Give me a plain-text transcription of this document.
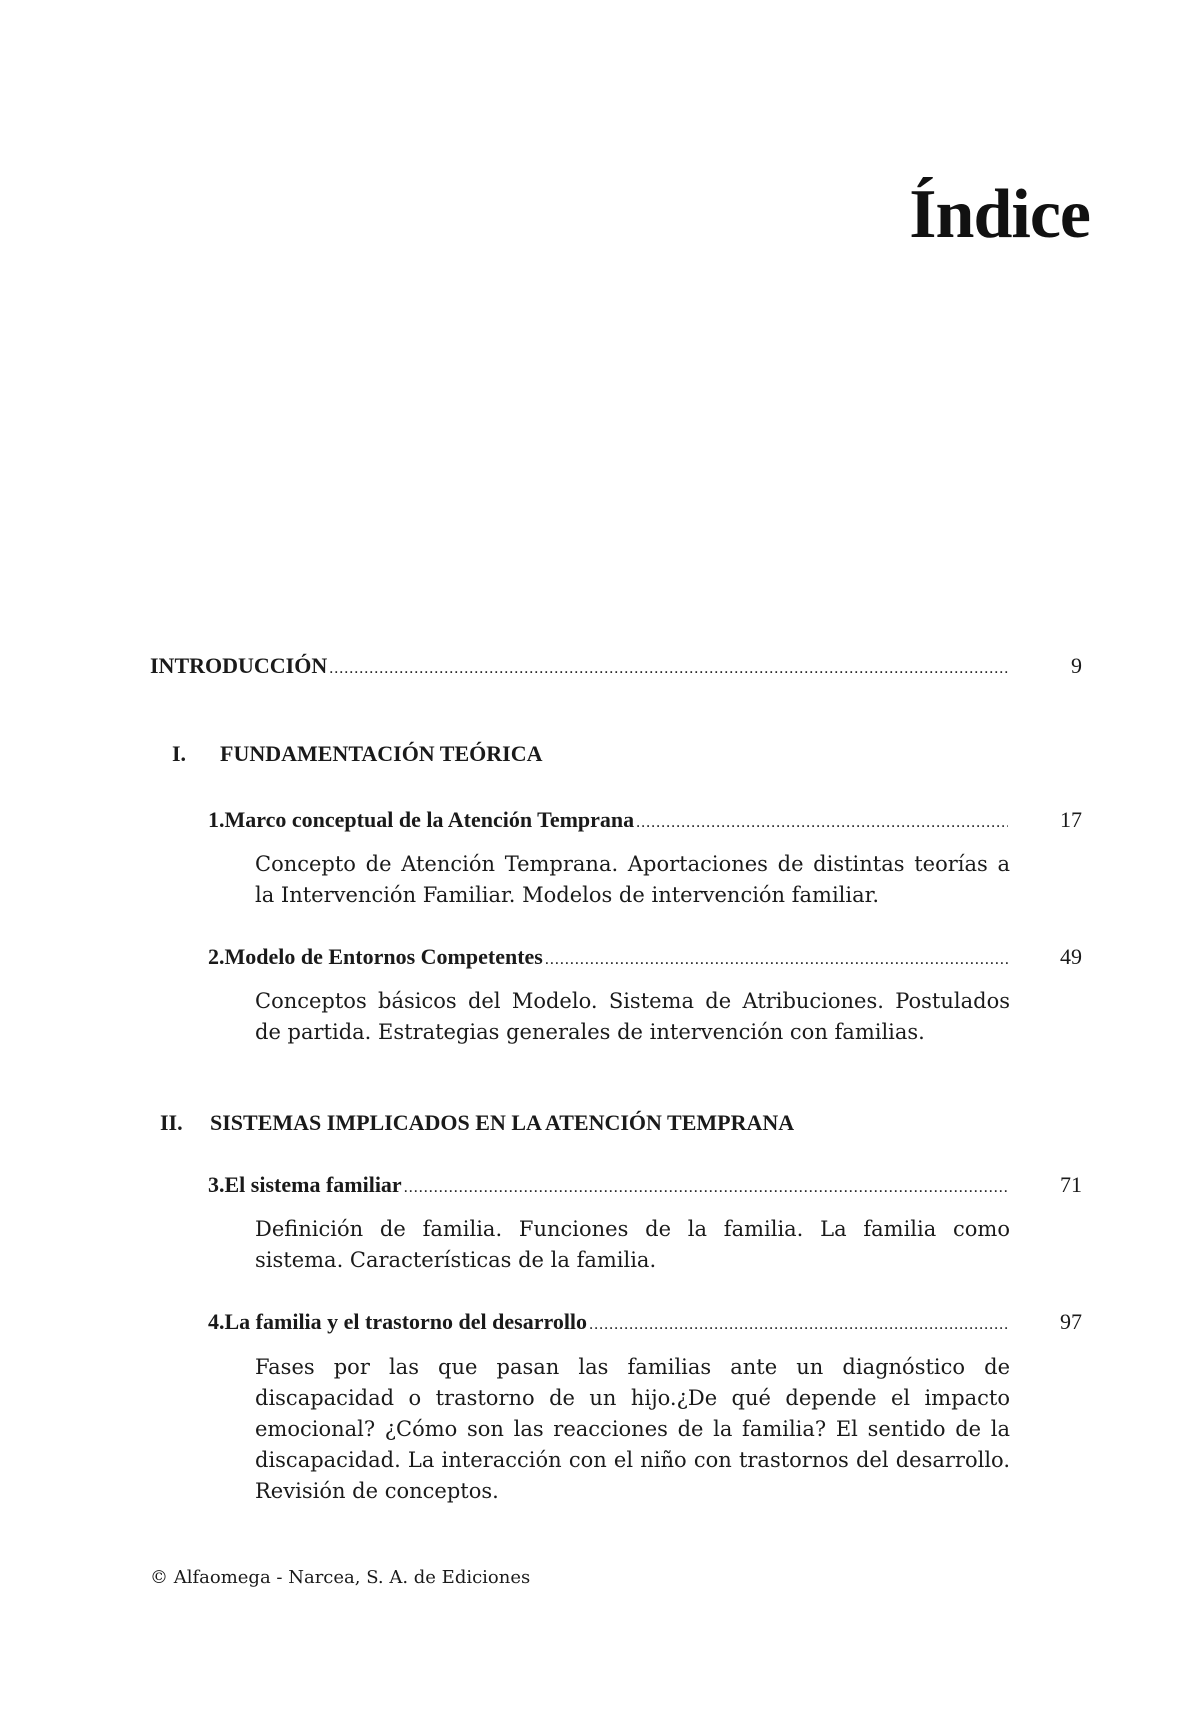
Índice
INTRODUCCIÓN .....	9
I. FUNDAMENTACIÓN TEÓRICA
1. Marco conceptual de la Atención Temprana .....	17
Concepto de Atención Temprana. Aportaciones de distintas teorías a la Intervención Familiar. Modelos de intervención familiar.
2. Modelo de Entornos Competentes .....	49
Conceptos básicos del Modelo. Sistema de Atribuciones. Postulados de partida. Estrategias generales de intervención con familias.
II. SISTEMAS IMPLICADOS EN LA ATENCIÓN TEMPRANA
3. El sistema familiar .....	71
Definición de familia. Funciones de la familia. La familia como sistema. Características de la familia.
4. La familia y el trastorno del desarrollo .....	97
Fases por las que pasan las familias ante un diagnóstico de discapacidad o trastorno de un hijo.¿De qué depende el impacto emocional? ¿Cómo son las reacciones de la familia? El sentido de la discapacidad. La interacción con el niño con trastornos del desarrollo. Revisión de conceptos.
© Alfaomega - Narcea, S. A. de Ediciones
